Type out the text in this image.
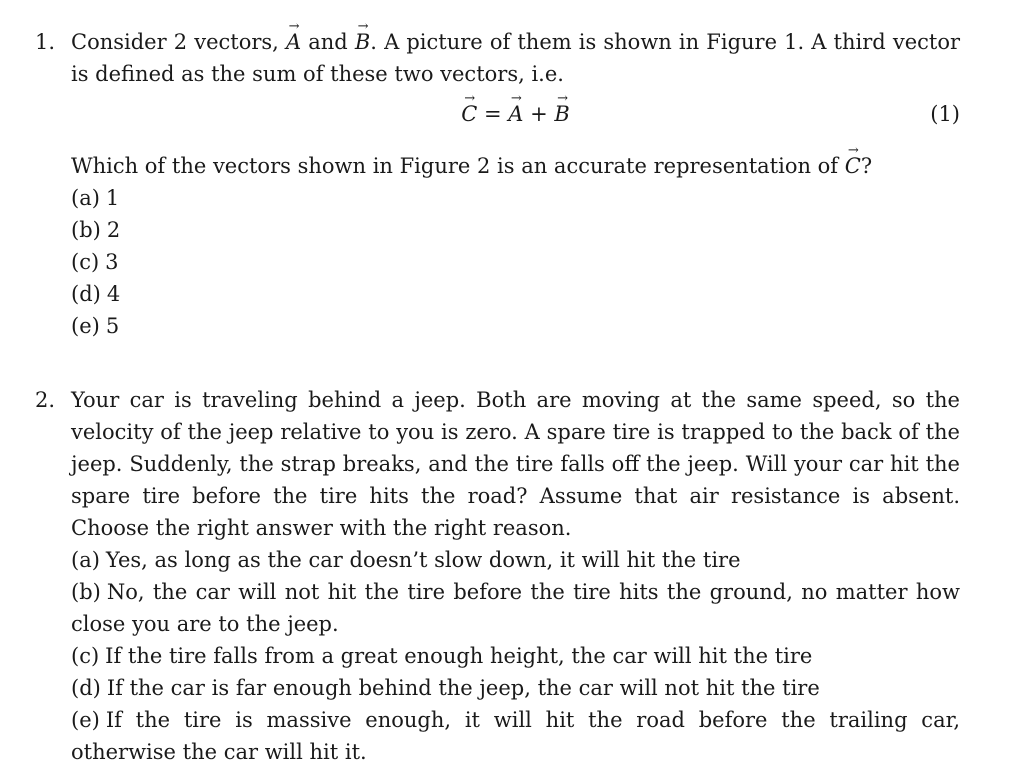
1. Consider 2 vectors, → A and → B. A picture of them is shown in Figure 1. A third vector is defined as the sum of these two vectors, i.e.
→ C = → A + → B	(1)
Which of the vectors shown in Figure 2 is an accurate representation of → C?
(a) 1
(b) 2
(c) 3
(d) 4
(e) 5
2. Your car is traveling behind a jeep. Both are moving at the same speed, so the velocity of the jeep relative to you is zero. A spare tire is trapped to the back of the jeep. Suddenly, the strap breaks, and the tire falls off the jeep. Will your car hit the spare tire before the tire hits the road? Assume that air resistance is absent. Choose the right answer with the right reason.
(a) Yes, as long as the car doesn’t slow down, it will hit the tire
(b) No, the car will not hit the tire before the tire hits the ground, no matter how close you are to the jeep.
(c) If the tire falls from a great enough height, the car will hit the tire
(d) If the car is far enough behind the jeep, the car will not hit the tire
(e) If the tire is massive enough, it will hit the road before the trailing car, otherwise the car will hit it.
